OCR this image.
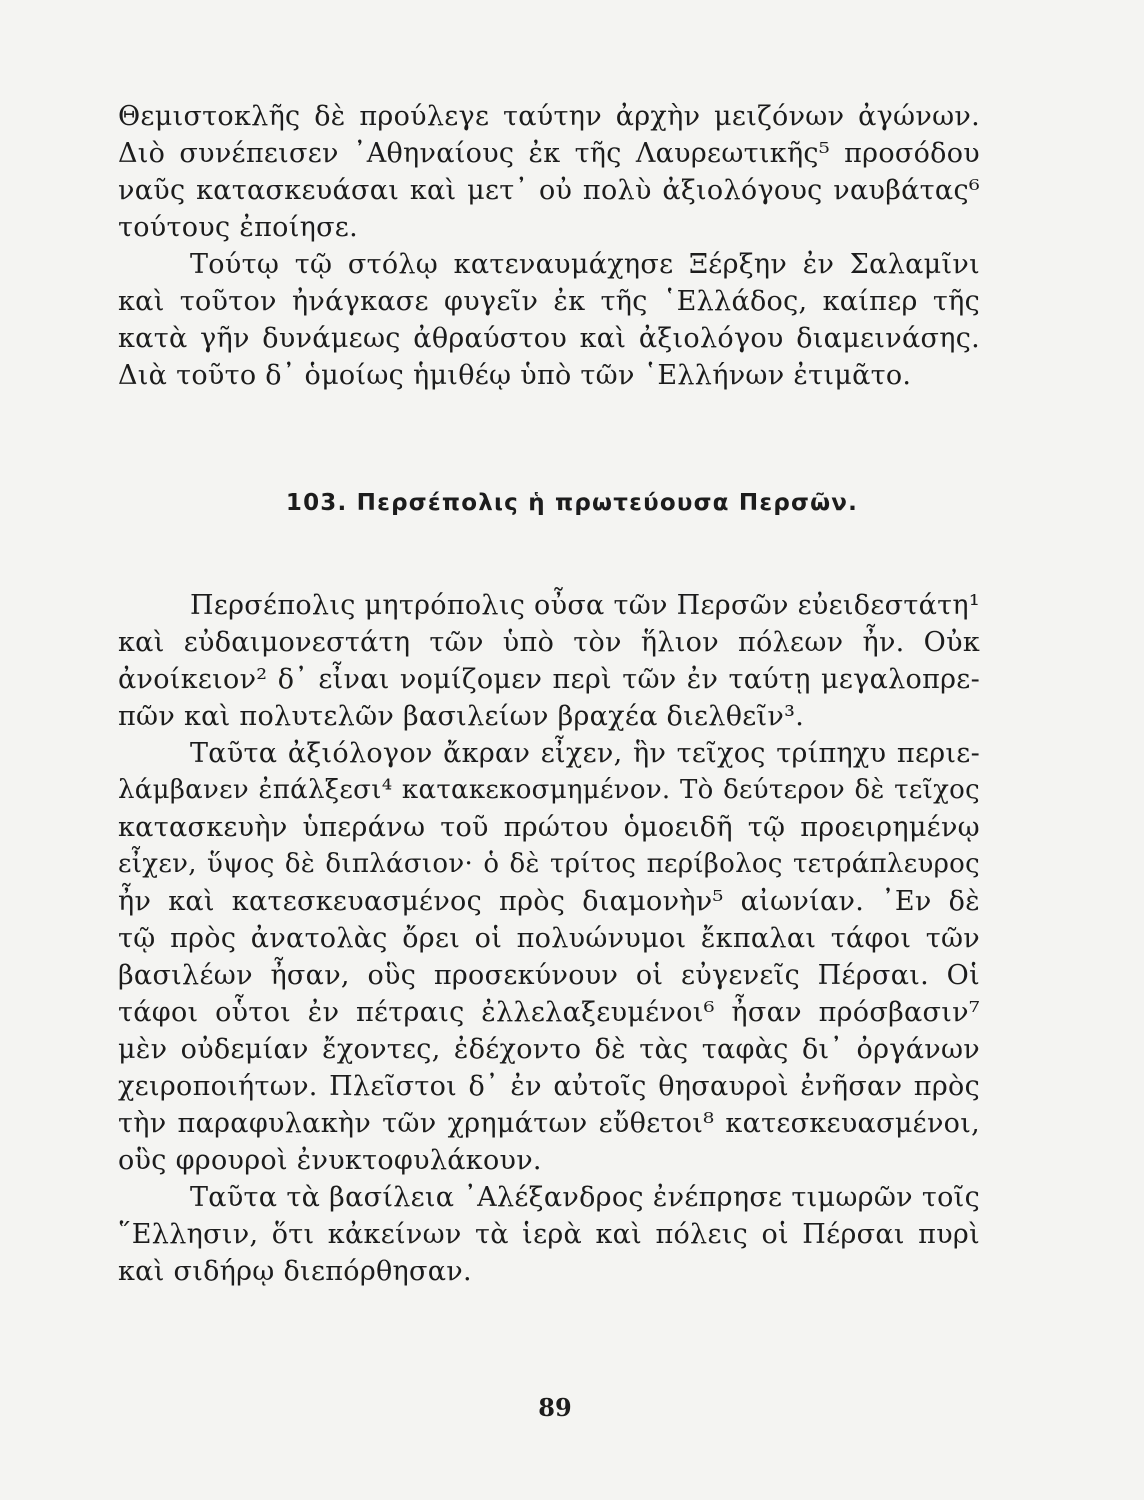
Θεμιστοκλῆς δὲ προύλεγε ταύτην ἀρχὴν μειζόνων ἀγώνων.
Διὸ συνέπεισεν ᾿Αθηναίους ἐκ τῆς Λαυρεωτικῆς⁵ προσόδου
ναῦς κατασκευάσαι καὶ μετ᾿ οὐ πολὺ ἀξιολόγους ναυβάτας⁶
τούτους ἐποίησε.
Τούτῳ τῷ στόλῳ κατεναυμάχησε Ξέρξην ἐν Σαλαμῖνι
καὶ τοῦτον ἠνάγκασε φυγεῖν ἐκ τῆς ῾Ελλάδος, καίπερ τῆς
κατὰ γῆν δυνάμεως ἀθραύστου καὶ ἀξιολόγου διαμεινάσης.
Διὰ τοῦτο δ᾿ ὁμοίως ἡμιθέῳ ὑπὸ τῶν ῾Ελλήνων ἐτιμᾶτο.
103. Περσέπολις ἡ πρωτεύουσα Περσῶν.
Περσέπολις μητρόπολις οὖσα τῶν Περσῶν εὐειδεστάτη¹
καὶ εὐδαιμονεστάτη τῶν ὑπὸ τὸν ἥλιον πόλεων ἦν. Οὐκ
ἀνοίκειον² δ᾿ εἶναι νομίζομεν περὶ τῶν ἐν ταύτῃ μεγαλοπρε-
πῶν καὶ πολυτελῶν βασιλείων βραχέα διελθεῖν³.
Ταῦτα ἀξιόλογον ἄκραν εἶχεν, ἣν τεῖχος τρίπηχυ περιε-
λάμβανεν ἐπάλξεσι⁴ κατακεκοσμημένον. Τὸ δεύτερον δὲ τεῖχος
κατασκευὴν ὑπεράνω τοῦ πρώτου ὁμοειδῆ τῷ προειρημένῳ
εἶχεν, ὕψος δὲ διπλάσιον· ὁ δὲ τρίτος περίβολος τετράπλευρος
ἦν καὶ κατεσκευασμένος πρὸς διαμονὴν⁵ αἰωνίαν. ᾿Εν δὲ
τῷ πρὸς ἀνατολὰς ὄρει οἱ πολυώνυμοι ἔκπαλαι τάφοι τῶν
βασιλέων ἦσαν, οὓς προσεκύνουν οἱ εὐγενεῖς Πέρσαι. Οἱ
τάφοι οὗτοι ἐν πέτραις ἐλλελαξευμένοι⁶ ἦσαν πρόσβασιν⁷
μὲν οὐδεμίαν ἔχοντες, ἐδέχοντο δὲ τὰς ταφὰς δι᾿ ὀργάνων
χειροποιήτων. Πλεῖστοι δ᾿ ἐν αὐτοῖς θησαυροὶ ἐνῆσαν πρὸς
τὴν παραφυλακὴν τῶν χρημάτων εὔθετοι⁸ κατεσκευασμένοι,
οὓς φρουροὶ ἐνυκτοφυλάκουν.
Ταῦτα τὰ βασίλεια ᾿Αλέξανδρος ἐνέπρησε τιμωρῶν τοῖς
῞Ελλησιν, ὅτι κἀκείνων τὰ ἱερὰ καὶ πόλεις οἱ Πέρσαι πυρὶ
καὶ σιδήρῳ διεπόρθησαν.
89
